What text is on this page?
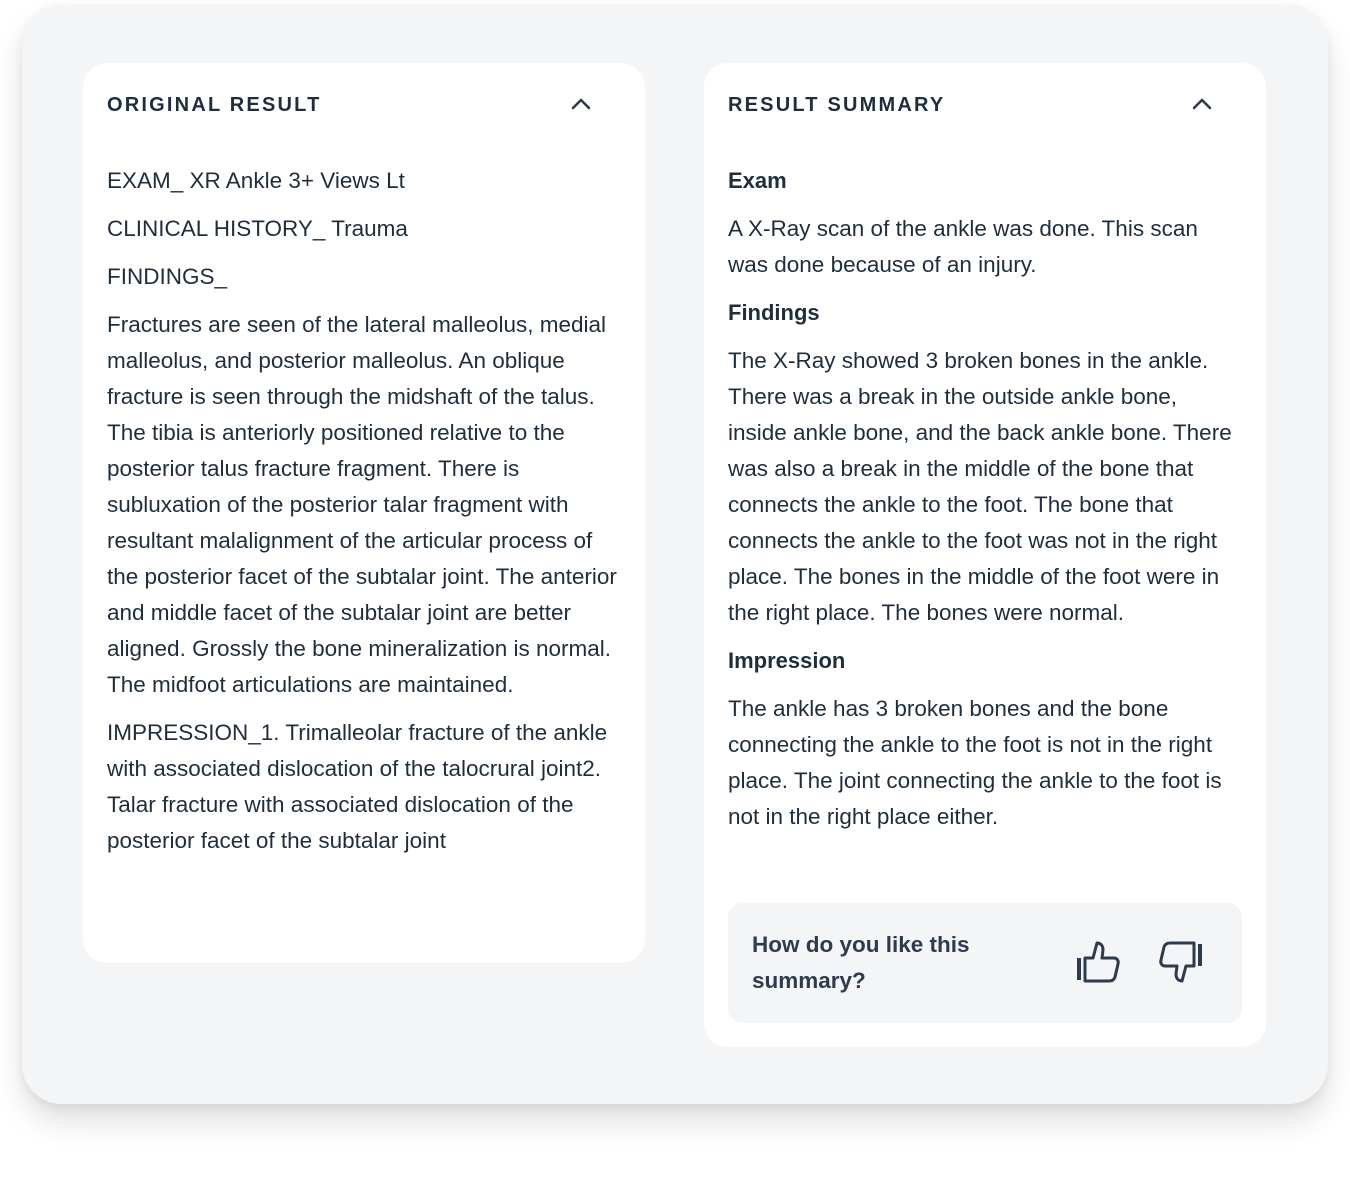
ORIGINAL RESULT

EXAM_ XR Ankle 3+ Views Lt

CLINICAL HISTORY_ Trauma

FINDINGS_

Fractures are seen of the lateral malleolus, medial malleolus, and posterior malleolus. An oblique fracture is seen through the midshaft of the talus. The tibia is anteriorly positioned relative to the posterior talus fracture fragment. There is subluxation of the posterior talar fragment with resultant malalignment of the articular process of the posterior facet of the subtalar joint. The anterior and middle facet of the subtalar joint are better aligned. Grossly the bone mineralization is normal. The midfoot articulations are maintained.

IMPRESSION_1. Trimalleolar fracture of the ankle with associated dislocation of the talocrural joint2. Talar fracture with associated dislocation of the posterior facet of the subtalar joint

RESULT SUMMARY
Exam

A X-Ray scan of the ankle was done. This scan was done because of an injury.

Findings

The X-Ray showed 3 broken bones in the ankle. There was a break in the outside ankle bone, inside ankle bone, and the back ankle bone. There was also a break in the middle of the bone that connects the ankle to the foot. The bone that connects the ankle to the foot was not in the right place. The bones in the middle of the foot were in the right place. The bones were normal.

Impression

The ankle has 3 broken bones and the bone connecting the ankle to the foot is not in the right place. The joint connecting the ankle to the foot is not in the right place either.

How do you like this summary?
